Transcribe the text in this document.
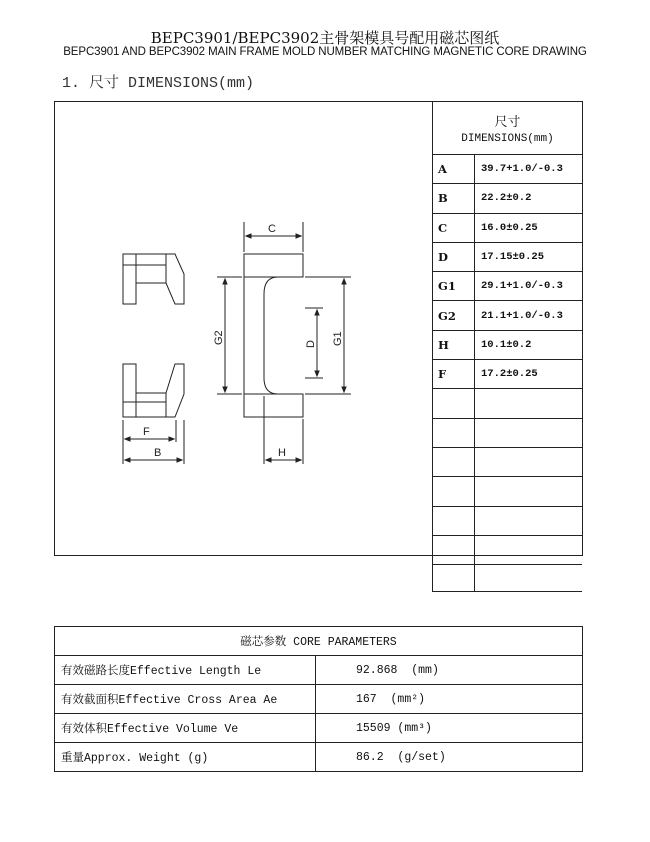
BEPC3901/BEPC3902主骨架模具号配用磁芯图纸
BEPC3901 AND BEPC3902 MAIN FRAME MOLD NUMBER MATCHING MAGNETIC CORE DRAWING
1. 尺寸 DIMENSIONS(mm)
C
G2	D G1
F
B	H
尺寸
DIMENSIONS(mm)	

A	39.7+1.0/-0.3
B	22.2±0.2
C	16.0±0.25
D	17.15±0.25
G1	29.1+1.0/-0.3
G2	21.1+1.0/-0.3
H	10.1±0.2
F	17.2±0.25

磁芯参数 CORE PARAMETERS	
有效磁路长度Effective Length Le	92.868 (mm)
有效截面积Effective Cross Area Ae	167 (mm²)
有效体积Effective Volume Ve	15509 (mm³)
重量Approx. Weight (g)	86.2 (g/set)
